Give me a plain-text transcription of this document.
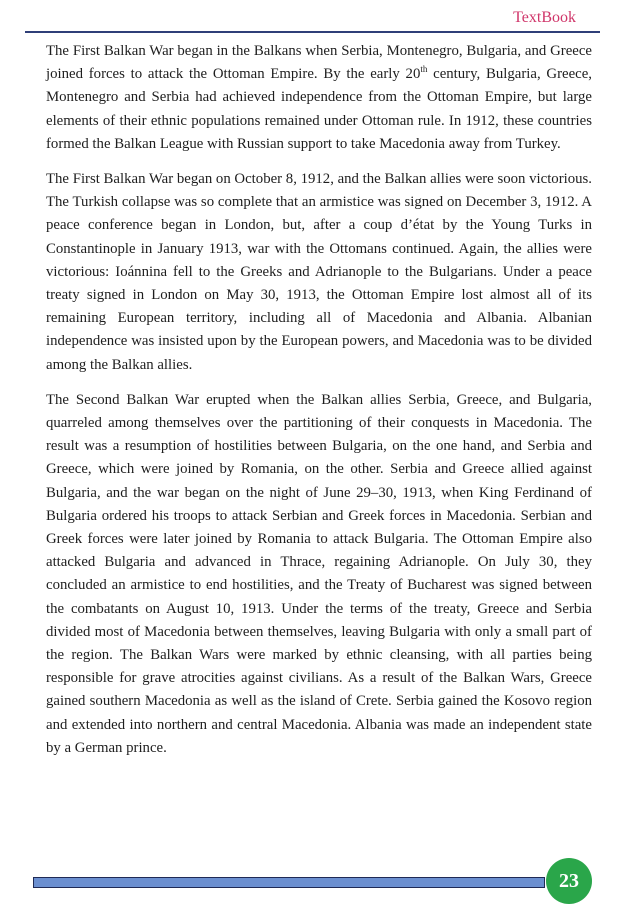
TextBook

The First Balkan War began in the Balkans when Serbia, Montenegro, Bulgaria, and Greece joined forces to attack the Ottoman Empire. By the early 20th century, Bulgaria, Greece, Montenegro and Serbia had achieved independence from the Ottoman Empire, but large elements of their ethnic populations remained under Ottoman rule. In 1912, these countries formed the Balkan League with Russian support to take Macedonia away from Turkey.

The First Balkan War began on October 8, 1912, and the Balkan allies were soon victorious. The Turkish collapse was so complete that an armistice was signed on December 3, 1912. A peace conference began in London, but, after a coup d’état by the Young Turks in Constantinople in January 1913, war with the Ottomans continued. Again, the allies were victorious: Ioánnina fell to the Greeks and Adrianople to the Bulgarians. Under a peace treaty signed in London on May 30, 1913, the Ottoman Empire lost almost all of its remaining European territory, including all of Macedonia and Albania. Albanian independence was insisted upon by the European powers, and Macedonia was to be divided among the Balkan allies.

The Second Balkan War erupted when the Balkan allies Serbia, Greece, and Bulgaria, quarreled among themselves over the partitioning of their conquests in Macedonia. The result was a resumption of hostilities between Bulgaria, on the one hand, and Serbia and Greece, which were joined by Romania, on the other. Serbia and Greece allied against Bulgaria, and the war began on the night of June 29–30, 1913, when King Ferdinand of Bulgaria ordered his troops to attack Serbian and Greek forces in Macedonia. Serbian and Greek forces were later joined by Romania to attack Bulgaria. The Ottoman Empire also attacked Bulgaria and advanced in Thrace, regaining Adrianople. On July 30, they concluded an armistice to end hostilities, and the Treaty of Bucharest was signed between the combatants on August 10, 1913. Under the terms of the treaty, Greece and Serbia divided most of Macedonia between themselves, leaving Bulgaria with only a small part of the region. The Balkan Wars were marked by ethnic cleansing, with all parties being responsible for grave atrocities against civilians. As a result of the Balkan Wars, Greece gained southern Macedonia as well as the island of Crete. Serbia gained the Kosovo region and extended into northern and central Macedonia. Albania was made an independent state by a German prince.

23
